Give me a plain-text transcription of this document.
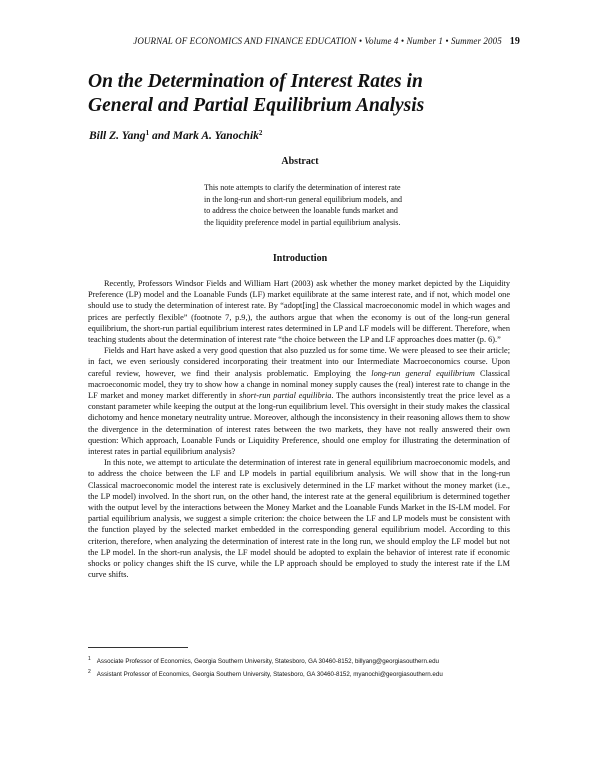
JOURNAL OF ECONOMICS AND FINANCE EDUCATION • Volume 4 • Number 1 • Summer 2005 19
On the Determination of Interest Rates in
General and Partial Equilibrium Analysis
Bill Z. Yang$^1$ and Mark A. Yanochik$^2$
Abstract
This note attempts to clarify the determination of interest rate
in the long-run and short-run general equilibrium models, and
to address the choice between the loanable funds market and
the liquidity preference model in partial equilibrium analysis.
Introduction

Recently, Professors Windsor Fields and William Hart (2003) ask whether the money market depicted by the Liquidity Preference (LP) model and the Loanable Funds (LF) market equilibrate at the same interest rate, and if not, which model one should use to study the determination of interest rate. By “adopt[ing] the Classical macroeconomic model in which wages and prices are perfectly flexible” (footnote 7, p.9,), the authors argue that when the economy is out of the long-run general equilibrium, the short-run partial equilibrium interest rates determined in LP and LF models will be different. Therefore, when teaching students about the determination of interest rate “the choice between the LP and LF approaches does matter (p. 6).”

Fields and Hart have asked a very good question that also puzzled us for some time. We were pleased to see their article; in fact, we even seriously considered incorporating their treatment into our Intermediate Macroeconomics course. Upon careful review, however, we find their analysis problematic. Employing the long-run general equilibrium Classical macroeconomic model, they try to show how a change in nominal money supply causes the (real) interest rate to change in the LF market and money market differently in short-run partial equilibria. The authors inconsistently treat the price level as a constant parameter while keeping the output at the long-run equilibrium level. This oversight in their study makes the classical dichotomy and hence monetary neutrality untrue. Moreover, although the inconsistency in their reasoning allows them to show the divergence in the determination of interest rates between the two markets, they have not really answered their own question: Which approach, Loanable Funds or Liquidity Preference, should one employ for illustrating the determination of interest rates in partial equilibrium analysis?

In this note, we attempt to articulate the determination of interest rate in general equilibrium macroeconomic models, and to address the choice between the LF and LP models in partial equilibrium analysis. We will show that in the long-run Classical macroeconomic model the interest rate is exclusively determined in the LF market without the money market (i.e., the LP model) involved. In the short run, on the other hand, the interest rate at the general equilibrium is determined together with the output level by the interactions between the Money Market and the Loanable Funds Market in the IS-LM model. For partial equilibrium analysis, we suggest a simple criterion: the choice between the LF and LP models must be consistent with the function played by the selected market embedded in the corresponding general equilibrium model. According to this criterion, therefore, when analyzing the determination of interest rate in the long run, we should employ the LF model but not the LP model. In the short-run analysis, the LF model should be adopted to explain the behavior of interest rate if economic shocks or policy changes shift the IS curve, while the LP approach should be employed to study the interest rate if the LM curve shifts.

$^1$ Associate Professor of Economics, Georgia Southern University, Statesboro, GA 30460-8152, billyang@georgiasouthern.edu
$^2$ Assistant Professor of Economics, Georgia Southern University, Statesboro, GA 30460-8152, myanochi@georgiasouthern.edu
